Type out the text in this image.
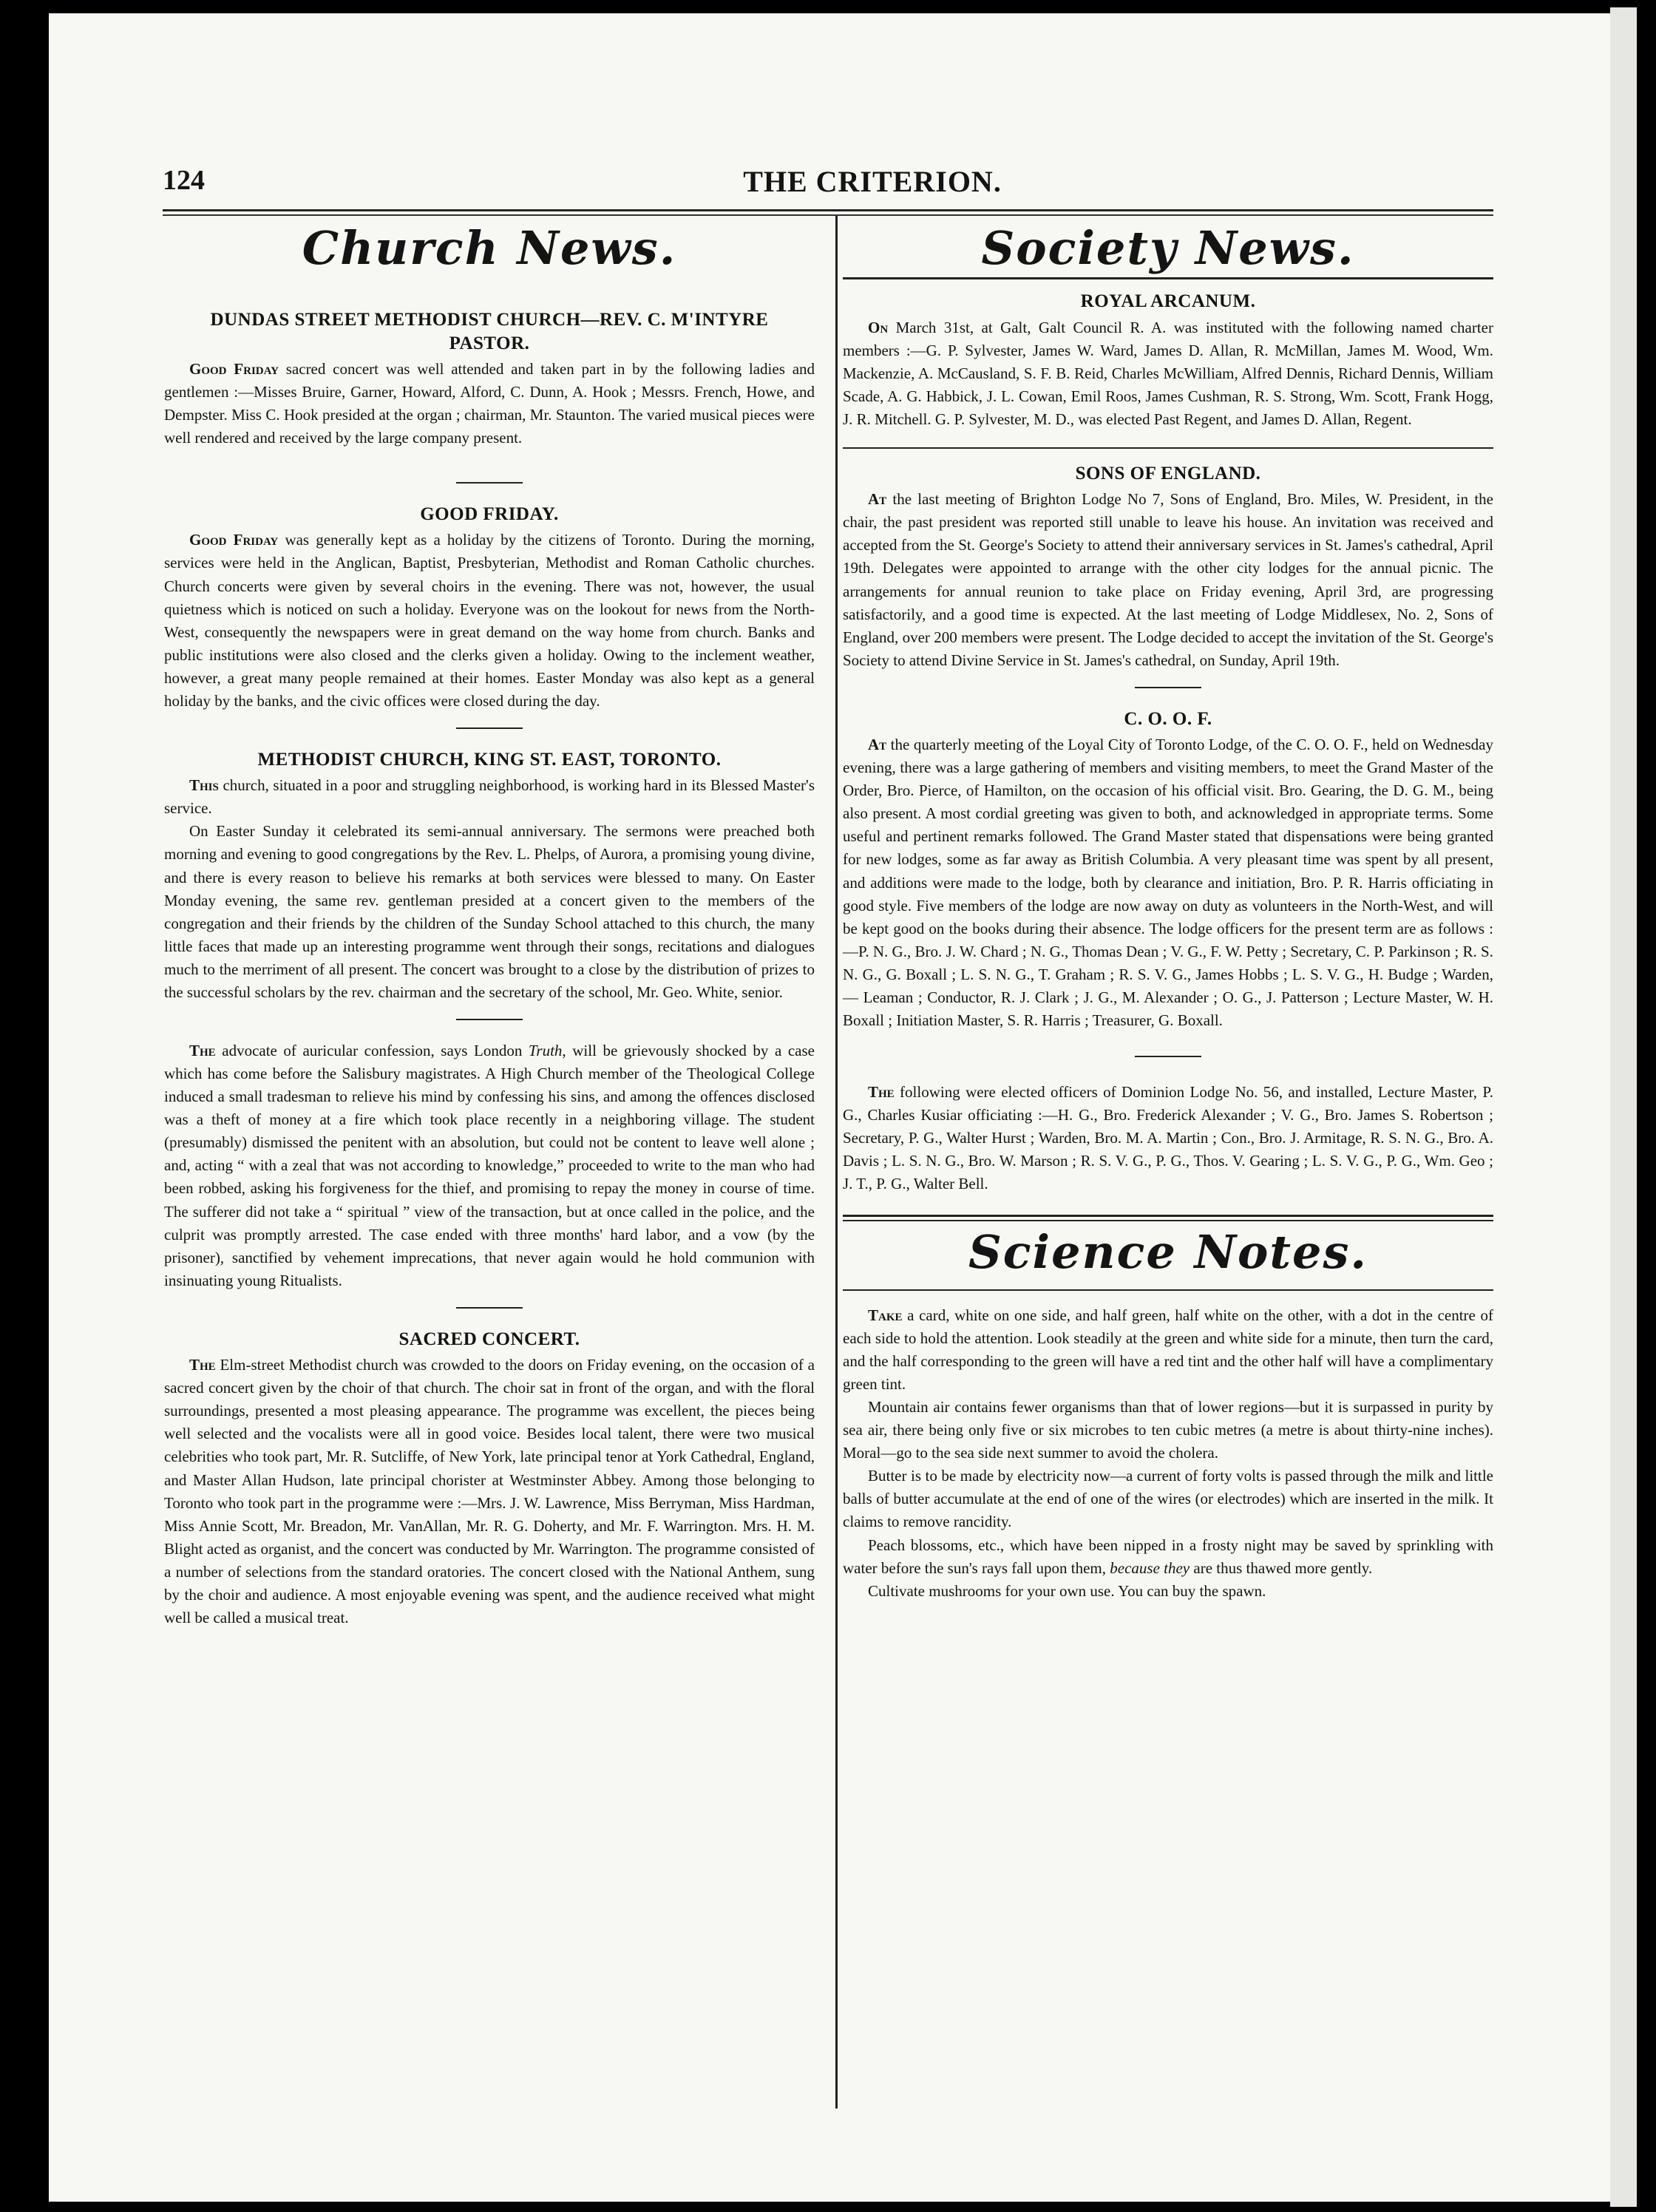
124	THE CRITERION.
Church News.
DUNDAS STREET METHODIST CHURCH—REV. C. M'INTYRE PASTOR.

Good Friday sacred concert was well attended and taken part in by the following ladies and gentlemen :—Misses Bruire, Garner, Howard, Alford, C. Dunn, A. Hook ; Messrs. French, Howe, and Dempster. Miss C. Hook presided at the organ ; chairman, Mr. Staunton. The varied musical pieces were well rendered and received by the large company present.

GOOD FRIDAY.

Good Friday was generally kept as a holiday by the citizens of Toronto. During the morning, services were held in the Anglican, Baptist, Presbyterian, Methodist and Roman Catholic churches. Church concerts were given by several choirs in the evening. There was not, however, the usual quietness which is noticed on such a holiday. Everyone was on the lookout for news from the North-West, consequently the newspapers were in great demand on the way home from church. Banks and public institutions were also closed and the clerks given a holiday. Owing to the inclement weather, however, a great many people remained at their homes. Easter Monday was also kept as a general holiday by the banks, and the civic offices were closed during the day.

METHODIST CHURCH, KING ST. EAST, TORONTO.

This church, situated in a poor and struggling neighborhood, is working hard in its Blessed Master's service.

On Easter Sunday it celebrated its semi-annual anniversary. The sermons were preached both morning and evening to good congregations by the Rev. L. Phelps, of Aurora, a promising young divine, and there is every reason to believe his remarks at both services were blessed to many. On Easter Monday evening, the same rev. gentleman presided at a concert given to the members of the congregation and their friends by the children of the Sunday School attached to this church, the many little faces that made up an interesting programme went through their songs, recitations and dialogues much to the merriment of all present. The concert was brought to a close by the distribution of prizes to the successful scholars by the rev. chairman and the secretary of the school, Mr. Geo. White, senior.

The advocate of auricular confession, says London Truth, will be grievously shocked by a case which has come before the Salisbury magistrates. A High Church member of the Theological College induced a small tradesman to relieve his mind by confessing his sins, and among the offences disclosed was a theft of money at a fire which took place recently in a neighboring village. The student (presumably) dismissed the penitent with an absolution, but could not be content to leave well alone ; and, acting “ with a zeal that was not according to knowledge,” proceeded to write to the man who had been robbed, asking his forgiveness for the thief, and promising to repay the money in course of time. The sufferer did not take a “ spiritual ” view of the transaction, but at once called in the police, and the culprit was promptly arrested. The case ended with three months' hard labor, and a vow (by the prisoner), sanctified by vehement imprecations, that never again would he hold communion with insinuating young Ritualists.

SACRED CONCERT.

The Elm-street Methodist church was crowded to the doors on Friday evening, on the occasion of a sacred concert given by the choir of that church. The choir sat in front of the organ, and with the floral surroundings, presented a most pleasing appearance. The programme was excellent, the pieces being well selected and the vocalists were all in good voice. Besides local talent, there were two musical celebrities who took part, Mr. R. Sutcliffe, of New York, late principal tenor at York Cathedral, England, and Master Allan Hudson, late principal chorister at Westminster Abbey. Among those belonging to Toronto who took part in the programme were :—Mrs. J. W. Lawrence, Miss Berryman, Miss Hardman, Miss Annie Scott, Mr. Breadon, Mr. VanAllan, Mr. R. G. Doherty, and Mr. F. Warrington. Mrs. H. M. Blight acted as organist, and the concert was conducted by Mr. Warrington. The programme consisted of a number of selections from the standard oratories. The concert closed with the National Anthem, sung by the choir and audience. A most enjoyable evening was spent, and the audience received what might well be called a musical treat.

Society News.
ROYAL ARCANUM.

On March 31st, at Galt, Galt Council R. A. was instituted with the following named charter members :—G. P. Sylvester, James W. Ward, James D. Allan, R. McMillan, James M. Wood, Wm. Mackenzie, A. McCausland, S. F. B. Reid, Charles McWilliam, Alfred Dennis, Richard Dennis, William Scade, A. G. Habbick, J. L. Cowan, Emil Roos, James Cushman, R. S. Strong, Wm. Scott, Frank Hogg, J. R. Mitchell. G. P. Sylvester, M. D., was elected Past Regent, and James D. Allan, Regent.

SONS OF ENGLAND.

At the last meeting of Brighton Lodge No 7, Sons of England, Bro. Miles, W. President, in the chair, the past president was reported still unable to leave his house. An invitation was received and accepted from the St. George's Society to attend their anniversary services in St. James's cathedral, April 19th. Delegates were appointed to arrange with the other city lodges for the annual picnic. The arrangements for annual reunion to take place on Friday evening, April 3rd, are progressing satisfactorily, and a good time is expected. At the last meeting of Lodge Middlesex, No. 2, Sons of England, over 200 members were present. The Lodge decided to accept the invitation of the St. George's Society to attend Divine Service in St. James's cathedral, on Sunday, April 19th.

C. O. O. F.

At the quarterly meeting of the Loyal City of Toronto Lodge, of the C. O. O. F., held on Wednesday evening, there was a large gathering of members and visiting members, to meet the Grand Master of the Order, Bro. Pierce, of Hamilton, on the occasion of his official visit. Bro. Gearing, the D. G. M., being also present. A most cordial greeting was given to both, and acknowledged in appropriate terms. Some useful and pertinent remarks followed. The Grand Master stated that dispensations were being granted for new lodges, some as far away as British Columbia. A very pleasant time was spent by all present, and additions were made to the lodge, both by clearance and initiation, Bro. P. R. Harris officiating in good style. Five members of the lodge are now away on duty as volunteers in the North-West, and will be kept good on the books during their absence. The lodge officers for the present term are as follows :—P. N. G., Bro. J. W. Chard ; N. G., Thomas Dean ; V. G., F. W. Petty ; Secretary, C. P. Parkinson ; R. S. N. G., G. Boxall ; L. S. N. G., T. Graham ; R. S. V. G., James Hobbs ; L. S. V. G., H. Budge ; Warden, — Leaman ; Conductor, R. J. Clark ; J. G., M. Alexander ; O. G., J. Patterson ; Lecture Master, W. H. Boxall ; Initiation Master, S. R. Harris ; Treasurer, G. Boxall.

The following were elected officers of Dominion Lodge No. 56, and installed, Lecture Master, P. G., Charles Kusiar officiating :—H. G., Bro. Frederick Alexander ; V. G., Bro. James S. Robertson ; Secretary, P. G., Walter Hurst ; Warden, Bro. M. A. Martin ; Con., Bro. J. Armitage, R. S. N. G., Bro. A. Davis ; L. S. N. G., Bro. W. Marson ; R. S. V. G., P. G., Thos. V. Gearing ; L. S. V. G., P. G., Wm. Geo ; J. T., P. G., Walter Bell.

Science Notes.

Take a card, white on one side, and half green, half white on the other, with a dot in the centre of each side to hold the attention. Look steadily at the green and white side for a minute, then turn the card, and the half corresponding to the green will have a red tint and the other half will have a complimentary green tint.

Mountain air contains fewer organisms than that of lower regions—but it is surpassed in purity by sea air, there being only five or six microbes to ten cubic metres (a metre is about thirty-nine inches). Moral—go to the sea side next summer to avoid the cholera.

Butter is to be made by electricity now—a current of forty volts is passed through the milk and little balls of butter accumulate at the end of one of the wires (or electrodes) which are inserted in the milk. It claims to remove rancidity.

Peach blossoms, etc., which have been nipped in a frosty night may be saved by sprinkling with water before the sun's rays fall upon them, because they are thus thawed more gently.

Cultivate mushrooms for your own use. You can buy the spawn.
